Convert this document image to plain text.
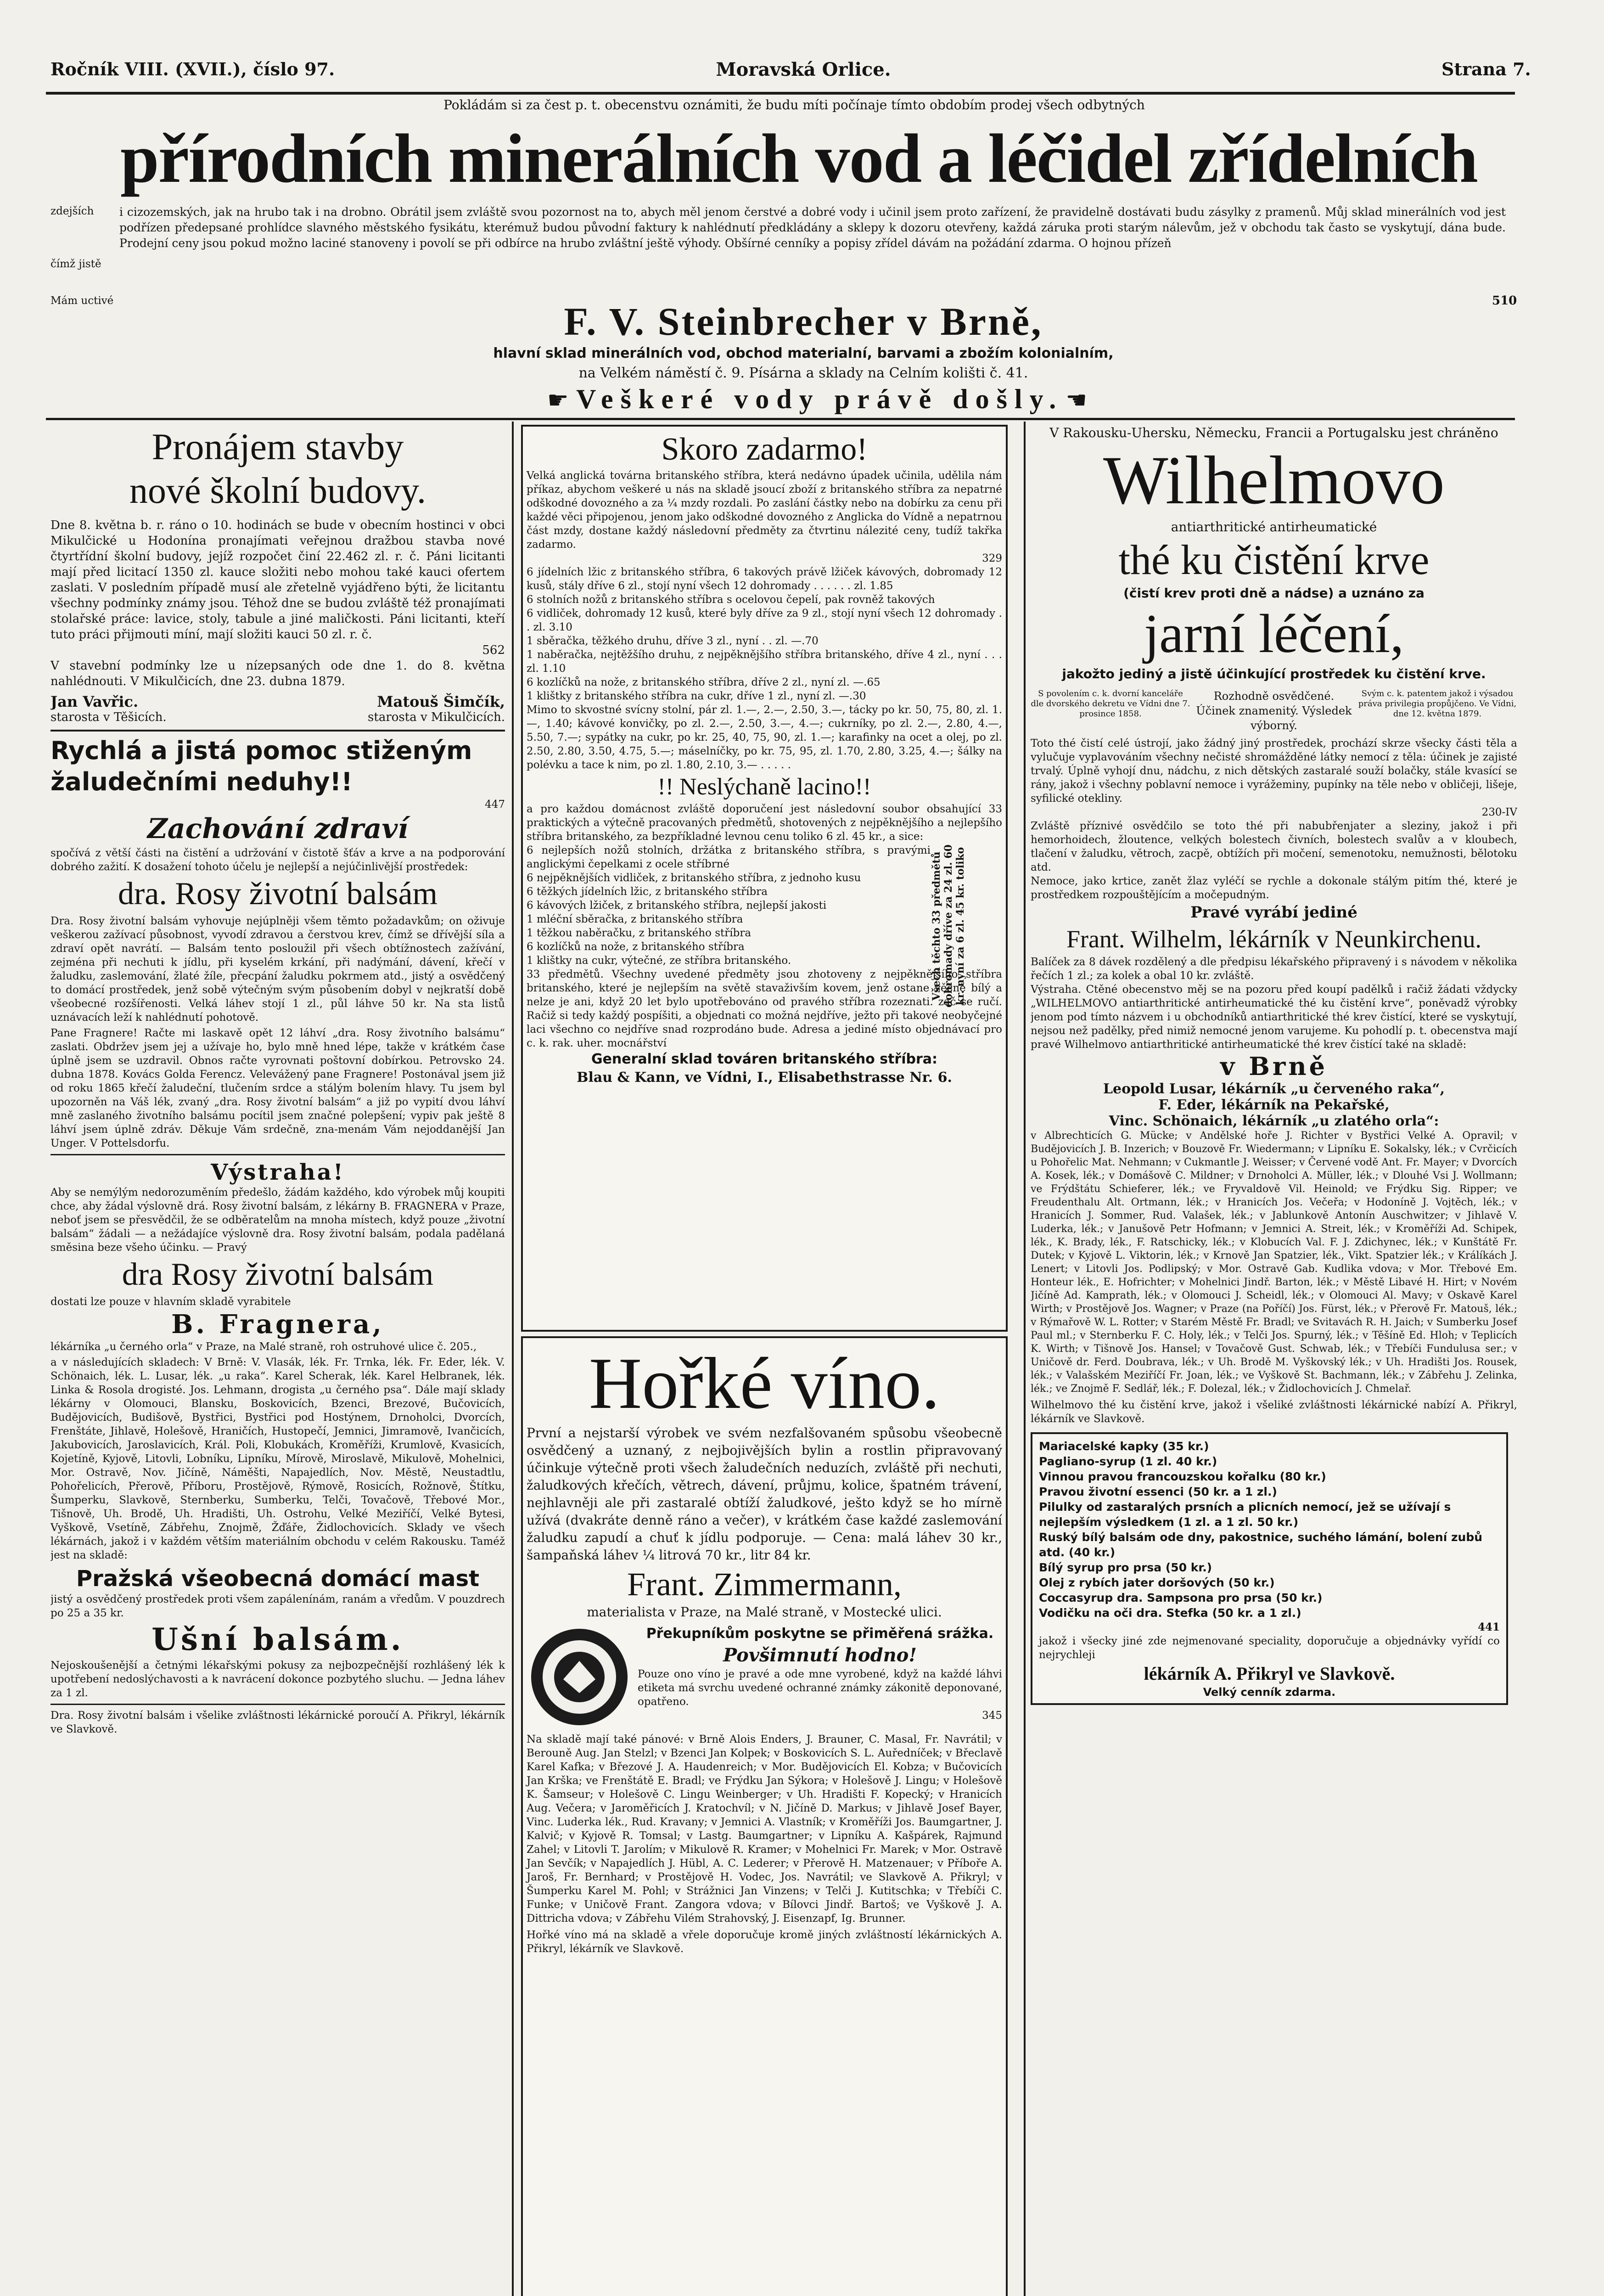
Ročník VIII. (XVII.), číslo 97.	Moravská Orlice.	Strana 7.
Pokládám si za čest p. t. obecenstvu oznámiti, že budu míti počínaje tímto obdobím prodej všech odbytných
přírodních minerálních vod a léčidel zřídelních
zdejších
čímž jistě
Mám uctivé
i cizozemských, jak na hrubo tak i na drobno. Obrátil jsem zvláště svou pozornost na to, abych měl jenom čerstvé a dobré vody i učinil jsem proto zařízení, že pravidelně dostávati budu zásylky z pramenů. Můj sklad minerálních vod jest podřízen předepsané prohlídce slavného městského fysikátu, kterémuž budou původní faktury k nahlédnutí předkládány a sklepy k dozoru otevřeny, každá záruka proti starým nálevům, jež v obchodu tak často se vyskytují, dána bude. Prodejní ceny jsou pokud možno laciné stanoveny i povolí se při odbírce na hrubo zvláštní ještě výhody. Obšírné cenníky a popisy zřídel dávám na požádání zdarma. O hojnou přízeň
510
F. V. Steinbrecher v Brně,
hlavní sklad minerálních vod, obchod materialní, barvami a zbožím kolonialním,
na Velkém náměstí č. 9. Písárna a sklady na Celním kolišti č. 41.
☛ Veškeré vody právě došly. ☚
Pronájem stavby
nové školní budovy.
Dne 8. května b. r. ráno o 10. hodinách se bude v obecním hostinci v obci Mikulčické u Hodonína pronajímati veřejnou dražbou stavba nové čtyrtřídní školní budovy, jejíž rozpočet činí 22.462 zl. r. č. Páni licitanti mají před licitací 1350 zl. kauce složiti nebo mohou také kauci ofertem zaslati. V posledním případě musí ale zřetelně vyjádřeno býti, že licitantu všechny podmínky známy jsou. Téhož dne se budou zvláště též pronajímati stolařské práce: lavice, stoly, tabule a jiné maličkosti. Páni licitanti, kteří tuto práci přijmouti míní, mají složiti kauci 50 zl. r. č.
562
V stavební podmínky lze u nízepsaných ode dne 1. do 8. května nahlédnouti. V Mikulčicích, dne 23. dubna 1879.
Jan Vavřic.
starosta v Těšicích.
Matouš Šimčík,
starosta v Mikulčicích.
Rychlá a jistá pomoc stiženým žaludečními neduhy!!
447
Zachování zdraví
spočívá z větší části na čistění a udržování v čistotě šťáv a krve a na podporování dobrého zažití. K dosažení tohoto účelu je nejlepší a nejúčinlivější prostředek:
dra. Rosy životní balsám
Dra. Rosy životní balsám vyhovuje nejúplněji všem těmto požadavkům; on oživuje veškerou zažívací působnost, vyvodí zdravou a čerstvou krev, čímž se dřívější síla a zdraví opět navrátí. — Balsám tento posloužil při všech obtížnostech zažívání, zejména při nechuti k jídlu, při kyselém krkání, při nadýmání, dávení, křečí v žaludku, zaslemování, žlaté žíle, přecpání žaludku pokrmem atd., jistý a osvědčený to domácí prostředek, jenž sobě výtečným svým působením dobyl v nejkratší době všeobecné rozšířenosti. Velká láhev stojí 1 zl., půl láhve 50 kr. Na sta listů uznávacích leží k nahlédnutí pohotově.
Pane Fragnere! Račte mi laskavě opět 12 láhví „dra. Rosy životního balsámu“ zaslati. Obdržev jsem jej a užívaje ho, bylo mně hned lépe, takže v krátkém čase úplně jsem se uzdravil. Obnos račte vyrovnati poštovní dobírkou. Petrovsko 24. dubna 1878. Kovács Golda Ferencz. Velevážený pane Fragnere! Postonával jsem již od roku 1865 křečí žaludeční, tlučením srdce a stálým bolením hlavy. Tu jsem byl upozorněn na Váš lék, zvaný „dra. Rosy životní balsám“ a již po vypití dvou láhví mně zaslaného životního balsámu pocítil jsem značné polepšení; vypiv pak ještě 8 láhví jsem úplně zdráv. Děkuje Vám srdečně, zna-menám Vám nejoddanější Jan Unger. V Pottelsdorfu.
Výstraha!
Aby se nemýlým nedorozuměním předešlo, žádám každého, kdo výrobek můj koupiti chce, aby žádal výslovně drá. Rosy životní balsám, z lékárny B. FRAGNERA v Praze, neboť jsem se přesvědčil, že se odběratelům na mnoha místech, když pouze „životní balsám“ žádali — a nežádajíce výslovně dra. Rosy životní balsám, podala padělaná směsina beze všeho účinku. — Pravý
dra Rosy životní balsám
dostati lze pouze v hlavním skladě vyrabitele
B. Fragnera,
lékárníka „u černého orla“ v Praze, na Malé straně, roh ostruhové ulice č. 205.,
a v následujících skladech: V Brně: V. Vlasák, lék. Fr. Trnka, lék. Fr. Eder, lék. V. Schönaich, lék. L. Lusar, lék. „u raka“. Karel Scherak, lék. Karel Helbranek, lék. Linka & Rosola drogisté. Jos. Lehmann, drogista „u černého psa“. Dále mají sklady lékárny v Olomouci, Blansku, Boskovicích, Bzenci, Brezové, Bučovicích, Budějovicích, Budišově, Bystřici, Bystřici pod Hostýnem, Drnoholci, Dvorcích, Frenštáte, Jihlavě, Holešově, Hraničích, Hustopečí, Jemnici, Jimramově, Ivančicích, Jakubovicích, Jaroslavicích, Král. Poli, Klobukách, Kroměříži, Krumlově, Kvasicích, Kojetíně, Kyjově, Litovli, Lobníku, Lipníku, Mírově, Miroslavě, Mikulově, Mohelnici, Mor. Ostravě, Nov. Jičíně, Náměšti, Napajedlích, Nov. Městě, Neustadtlu, Pohořelicích, Přerově, Příboru, Prostějově, Rýmově, Rosicích, Rožnově, Štítku, Šumperku, Slavkově, Sternberku, Sumberku, Telči, Tovačově, Třebové Mor., Tišnově, Uh. Brodě, Uh. Hradišti, Uh. Ostrohu, Velké Meziříčí, Velké Bytesi, Vyškově, Vsetíně, Zábřehu, Znojmě, Žďáře, Židlochovicích. Sklady ve všech lékárnách, jakož i v každém větším materiálním obchodu v celém Rakousku. Taméž jest na skladě:
Pražská všeobecná domácí mast
jistý a osvědčený prostředek proti všem zapálenínám, ranám a vředům. V pouzdrech po 25 a 35 kr.
Ušní balsám.
Nejoskoušenější a četnými lékařskými pokusy za nejbozpečnější rozhlášený lék k upotřebení nedoslýchavosti a k navrácení dokonce pozbytého sluchu. — Jedna láhev za 1 zl.
Dra. Rosy životní balsám i všelike zvláštnosti lékárnické poroučí A. Přikryl, lékárník ve Slavkově.
Skoro zadarmo!
Velká anglická továrna britanského stříbra, která nedávno úpadek učinila, udělila nám příkaz, abychom veškeré u nás na skladě jsoucí zboží z britanského stříbra za nepatrné odškodné dovozného a za ¼ mzdy rozdali. Po zaslání částky nebo na dobírku za cenu při každé věci připojenou, jenom jako odškodné dovozného z Anglicka do Vídně a nepatrnou část mzdy, dostane každý následovní předměty za čtvrtinu nálezité ceny, tudíž takřka zadarmo.
329
6 jídelních lžic z britanského stříbra, 6 takových právě lžiček kávových, dobromady 12 kusů, stály dříve 6 zl., stojí nyní všech 12 dohromady . . . . . . zl. 1.85
6 stolních nožů z britanského stříbra s ocelovou čepelí, pak rovněž takových
6 vidliček, dohromady 12 kusů, které byly dříve za 9 zl., stojí nyní všech 12 dohromady . . zl. 3.10
1 sběračka, těžkého druhu, dříve 3 zl., nyní . . zl. —.70
1 naběračka, nejtěžšího druhu, z nejpěknějšího stříbra britanského, dříve 4 zl., nyní . . . zl. 1.10
6 kozlíčků na nože, z britanského stříbra, dříve 2 zl., nyní zl. —.65
1 klištky z britanského stříbra na cukr, dříve 1 zl., nyní zl. —.30
Mimo to skvostné svícny stolní, pár zl. 1.—, 2.—, 2.50, 3.—, tácky po kr. 50, 75, 80, zl. 1.—, 1.40; kávové konvičky, po zl. 2.—, 2.50, 3.—, 4.—; cukrníky, po zl. 2.—, 2.80, 4.—, 5.50, 7.—; sypátky na cukr, po kr. 25, 40, 75, 90, zl. 1.—; karafinky na ocet a olej, po zl. 2.50, 2.80, 3.50, 4.75, 5.—; máselníčky, po kr. 75, 95, zl. 1.70, 2.80, 3.25, 4.—; šálky na polévku a tace k nim, po zl. 1.80, 2.10, 3.— . . . . .
!! Neslýchaně lacino!!
a pro každou domácnost zvláště doporučení jest následovní soubor obsahující 33 praktických a výtečně pracovaných předmětů, shotovených z nejpěknějšího a nejlepšího stříbra britanského, za bezpříkladné levnou cenu toliko 6 zl. 45 kr., a sice:
6 nejlepších nožů stolních, držátka z britanského stříbra, s pravými anglickými čepelkami z ocele stříbrné
6 nejpěknějších vidliček, z britanského stříbra, z jednoho kusu
6 těžkých jídelních lžic, z britanského stříbra
6 kávových lžiček, z britanského stříbra, nejlepší jakosti
1 mléční sběračka, z britanského stříbra
1 těžkou naběračku, z britanského stříbra
6 kozlíčků na nože, z britanského stříbra
1 klištky na cukr, výtečné, ze stříbra britanského.	Všech těchto 33 předmětů dohromady dříve za 24 zl. 60 kr. nyní za 6 zl. 45 kr. toliko
33 předmětů. Všechny uvedené předměty jsou zhotoveny z nejpěknějšího stříbra britanského, které je nejlepším na světě stavaživším kovem, jenž ostane věčně bílý a nelze je ani, když 20 let bylo upotřebováno od pravého stříbra rozeznati. zač se ručí. Račiž si tedy každý pospíšiti, a objednati co možná nejdříve, ježto při takové neobyčejné laci všechno co nejdříve snad rozprodáno bude. Adresa a jediné místo objednávací pro c. k. rak. uher. mocnářství
Generalní sklad továren britanského stříbra:
Blau & Kann, ve Vídni, I., Elisabethstrasse Nr. 6.
Hořké víno.
První a nejstarší výrobek ve svém nezfalšovaném spůsobu všeobecně osvědčený a uznaný, z nejbojivějších bylin a rostlin připravovaný účinkuje výtečně proti všech žaludečních neduzích, zvláště při nechuti, žaludkových křečích, větrech, dávení, průjmu, kolice, špatném trávení, nejhlavněji ale při zastaralé obtíží žaludkové, ješto když se ho mírně užívá (dvakráte denně ráno a večer), v krátkém čase každé zaslemování žaludku zapudí a chuť k jídlu podporuje. — Cena: malá láhev 30 kr., šampaňská láhev ¼ litrová 70 kr., litr 84 kr.
Frant. Zimmermann,
materialista v Praze, na Malé straně, v Mostecké ulici.
Překupníkům poskytne se přiměřená srážka.
Povšimnutí hodno!
Pouze ono víno je pravé a ode mne vyrobené, když na každé láhvi etiketa má svrchu uvedené ochranné známky zákonitě deponované, opatřeno.
345
Na skladě mají také pánové: v Brně Alois Enders, J. Brauner, C. Masal, Fr. Navrátil; v Berouně Aug. Jan Stelzl; v Bzenci Jan Kolpek; v Boskovicích S. L. Auředníček; v Břeclavě Karel Kafka; v Březové J. A. Haudenreich; v Mor. Budějovicích El. Kobza; v Bučovicích Jan Krška; ve Frenštátě E. Bradl; ve Frýdku Jan Sýkora; v Holešově J. Lingu; v Holešově K. Šamseur; v Holešově C. Lingu Weinberger; v Uh. Hradišti F. Kopecký; v Hranicích Aug. Večera; v Jaroměřicích J. Kratochvíl; v N. Jičíně D. Markus; v Jihlavě Josef Bayer, Vinc. Luderka lék., Rud. Kravany; v Jemnici A. Vlastník; v Kroměříži Jos. Baumgartner, J. Kalvič; v Kyjově R. Tomsal; v Lastg. Baumgartner; v Lipníku A. Kašpárek, Rajmund Zahel; v Litovli T. Jarolím; v Mikulově R. Kramer; v Mohelnici Fr. Marek; v Mor. Ostravě Jan Sevčík; v Napajedlích J. Hübl, A. C. Lederer; v Přerově H. Matzenauer; v Příboře A. Jaroš, Fr. Bernhard; v Prostějově H. Vodec, Jos. Navrátil; ve Slavkově A. Přikryl; v Šumperku Karel M. Pohl; v Strážnici Jan Vinzens; v Telči J. Kutitschka; v Třebíči C. Funke; v Uničově Frant. Zangora vdova; v Bílovci Jindř. Bartoš; ve Vyškově J. A. Dittricha vdova; v Zábřehu Vilém Strahovský, J. Eisenzapf, Ig. Brunner.
Hořké víno má na skladě a vřele doporučuje kromě jiných zvláštností lékárnických A. Přikryl, lékárník ve Slavkově.
V Rakousku-Uhersku, Německu, Francii a Portugalsku jest chráněno
Wilhelmovo
antiarthritické antirheumatické
thé ku čistění krve
(čistí krev proti dně a nádse) a uznáno za
jarní léčení,
jakožto jediný a jistě účinkující prostředek ku čistění krve.
S povolením c. k. dvorní kanceláře dle dvorského dekretu ve Vídni dne 7. prosince 1858.
Rozhodně osvědčené. Účinek znamenitý. Výsledek výborný.
Svým c. k. patentem jakož i výsadou práva privilegia propůjčeno. Ve Vídni, dne 12. května 1879.
Toto thé čistí celé ústrojí, jako žádný jiný prostředek, prochází skrze všecky části těla a vylučuje vyplavováním všechny nečisté shromážděné látky nemocí z těla: účinek je zajisté trvalý. Úplně vyhojí dnu, nádchu, z nich dětských zastaralé souží bolačky, stále kvasící se rány, jakož i všechny poblavní nemoce i vyrážeminy, pupínky na těle nebo v obličeji, lišeje, syfilické otekliny.
230-IV
Zvláště příznivé osvědčilo se toto thé při nabubřenjater a sleziny, jakož i při hemorhoidech, žloutence, velkých bolestech čivních, bolestech svalův a v kloubech, tlačení v žaludku, větroch, zacpě, obtížích při močení, semenotoku, nemužnosti, bělotoku atd.
Nemoce, jako krtice, zanět žlaz vyléčí se rychle a dokonale stálým pitím thé, které je prostředkem rozpouštějícím a močepudným.
Pravé vyrábí jediné
Frant. Wilhelm, lékárník v Neunkirchenu.
Balíček za 8 dávek rozdělený a dle předpisu lékařského připravený i s návodem v několika řečích 1 zl.; za kolek a obal 10 kr. zvláště.
Výstraha. Ctěné obecenstvo měj se na pozoru před koupí padělků i račiž žádati vždycky „WILHELMOVO antiarthritické antirheumatické thé ku čistění krve“, poněvadž výrobky jenom pod tímto názvem i u obchodníků antiarthritické thé krev čistící, které se vyskytují, nejsou než padělky, před nimiž nemocné jenom varujeme. Ku pohodlí p. t. obecenstva mají pravé Wilhelmovo antiarthritické antirheumatické thé krev čistící také na skladě:
v Brně
Leopold Lusar, lékárník „u červeného raka“,
F. Eder, lékárník na Pekařské,
Vinc. Schönaich, lékárník „u zlatého orla“:
v Albrechticích G. Mücke; v Andělské hoře J. Richter v Bystřici Velké A. Opravil; v Budějovicích J. B. Inzerich; v Bouzově Fr. Wiedermann; v Lipníku E. Sokalsky, lék.; v Cvrčicích u Pohořelic Mat. Nehmann; v Cukmantle J. Weisser; v Červené vodě Ant. Fr. Mayer; v Dvorcích A. Kosek, lék.; v Domášově C. Mildner; v Drnoholci A. Müller, lék.; v Dlouhé Vsi J. Wollmann; ve Frýdštátu Schieferer, lék.; ve Fryvaldově Vil. Heinold; ve Frýdku Sig. Ripper; ve Freudenthalu Alt. Ortmann, lék.; v Hranicích Jos. Večeřa; v Hodoníně J. Vojtěch, lék.; v Hranicích J. Sommer, Rud. Valašek, lék.; v Jablunkově Antonín Auschwitzer; v Jihlavě V. Luderka, lék.; v Janušově Petr Hofmann; v Jemnici A. Streit, lék.; v Kroměříži Ad. Schipek, lék., K. Brady, lék., F. Ratschicky, lék.; v Klobucích Val. F. J. Zdichynec, lék.; v Kunštátě Fr. Dutek; v Kyjově L. Viktorin, lék.; v Krnově Jan Spatzier, lék., Vikt. Spatzier lék.; v Králíkách J. Lenert; v Litovli Jos. Podlipský; v Mor. Ostravě Gab. Kudlika vdova; v Mor. Třebové Em. Honteur lék., E. Hofrichter; v Mohelnici Jindř. Barton, lék.; v Městě Libavé H. Hirt; v Novém Jičíně Ad. Kamprath, lék.; v Olomouci J. Scheidl, lék.; v Olomouci Al. Mavy; v Oskavě Karel Wirth; v Prostějově Jos. Wagner; v Praze (na Poříčí) Jos. Fürst, lék.; v Přerově Fr. Matouš, lék.; v Rýmařově W. L. Rotter; v Starém Městě Fr. Bradl; ve Svitavách R. H. Jaich; v Sumberku Josef Paul ml.; v Sternberku F. C. Holy, lék.; v Telči Jos. Spurný, lék.; v Těšíně Ed. Hloh; v Teplicích K. Wirth; v Tišnově Jos. Hansel; v Tovačově Gust. Schwab, lék.; v Třebíči Fundulusa ser.; v Uničově dr. Ferd. Doubrava, lék.; v Uh. Brodě M. Vyškovský lék.; v Uh. Hradišti Jos. Rousek, lék.; v Valašském Meziříčí Fr. Joan, lék.; ve Vyškově St. Bachmann, lék.; v Zábřehu J. Zelinka, lék.; ve Znojmě F. Sedlář, lék.; F. Dolezal, lék.; v Židlochovicích J. Chmelař.
Wilhelmovo thé ku čistění krve, jakož i všeliké zvláštnosti lékárnické nabízí A. Přikryl, lékárník ve Slavkově.
Mariacelské kapky (35 kr.)
Pagliano-syrup (1 zl. 40 kr.)
Vinnou pravou francouzskou kořalku (80 kr.)
Pravou životní essenci (50 kr. a 1 zl.)
Pilulky od zastaralých prsních a plicních nemocí, jež se užívají s nejlepším výsledkem (1 zl. a 1 zl. 50 kr.)
Ruský bílý balsám ode dny, pakostnice, suchého lámání, bolení zubů atd. (40 kr.)
Bílý syrup pro prsa (50 kr.)
Olej z rybích jater doršových (50 kr.)
Coccasyrup dra. Sampsona pro prsa (50 kr.)
Vodičku na oči dra. Stefka (50 kr. a 1 zl.)
441
jakož i všecky jiné zde nejmenované speciality, doporučuje a objednávky vyřídí co nejrychleji
lékárník A. Přikryl ve Slavkově.
Velký cenník zdarma.
